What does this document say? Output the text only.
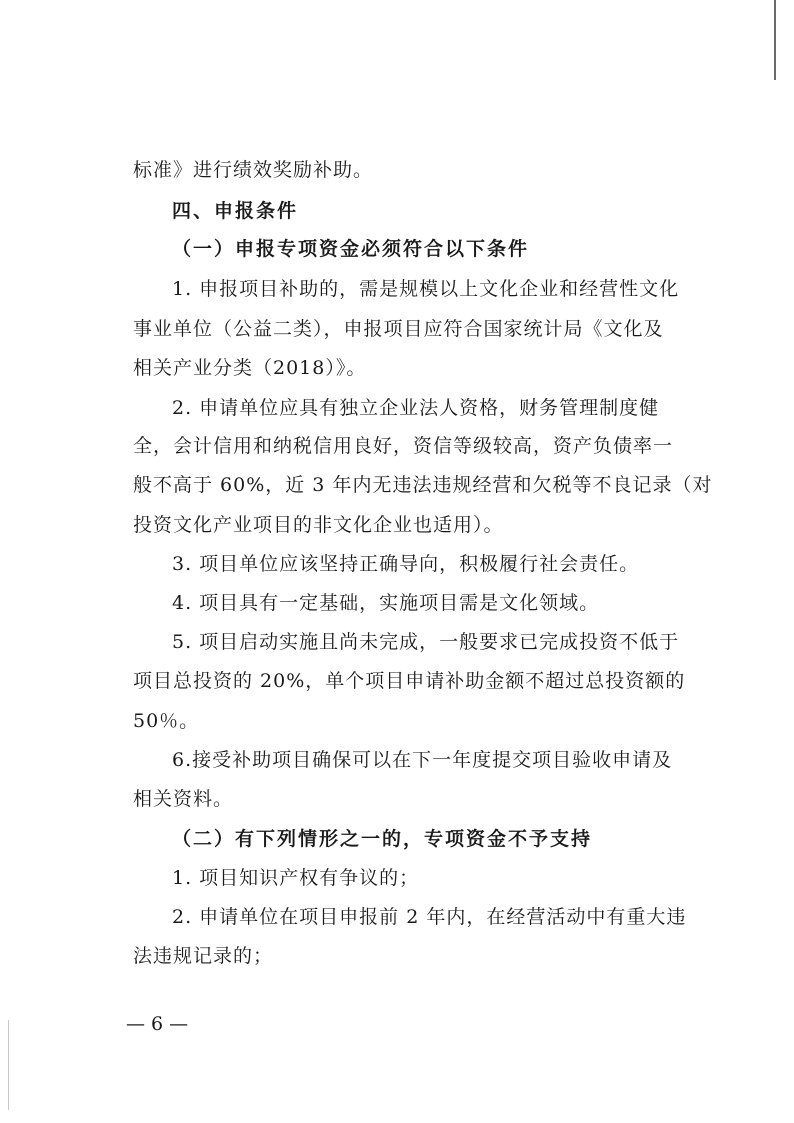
标准》进行绩效奖励补助。
四、申报条件
（一）申报专项资金必须符合以下条件
1. 申报项目补助的，需是规模以上文化企业和经营性文化
事业单位（公益二类），申报项目应符合国家统计局《文化及
相关产业分类（2018）》。
2. 申请单位应具有独立企业法人资格，财务管理制度健
全，会计信用和纳税信用良好，资信等级较高，资产负债率一
般不高于 60%，近 3 年内无违法违规经营和欠税等不良记录（对
投资文化产业项目的非文化企业也适用）。
3. 项目单位应该坚持正确导向，积极履行社会责任。
4. 项目具有一定基础，实施项目需是文化领域。
5. 项目启动实施且尚未完成，一般要求已完成投资不低于
项目总投资的 20%，单个项目申请补助金额不超过总投资额的
50％。
6.接受补助项目确保可以在下一年度提交项目验收申请及
相关资料。
（二）有下列情形之一的，专项资金不予支持
1. 项目知识产权有争议的；
2. 申请单位在项目申报前 2 年内，在经营活动中有重大违
法违规记录的；
— 6 —
